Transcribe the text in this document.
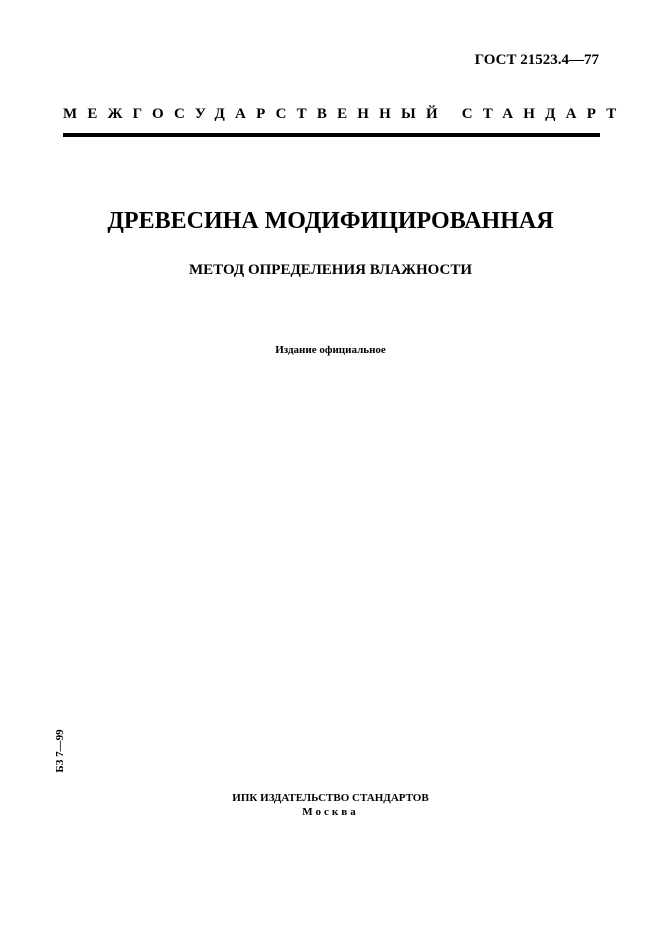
ГОСТ 21523.4—77
МЕЖГОСУДАРСТВЕННЫЙ СТАНДАРТ
ДРЕВЕСИНА МОДИФИЦИРОВАННАЯ
МЕТОД ОПРЕДЕЛЕНИЯ ВЛАЖНОСТИ
Издание официальное
БЗ 7—99
ИПК ИЗДАТЕЛЬСТВО СТАНДАРТОВ
Москва
